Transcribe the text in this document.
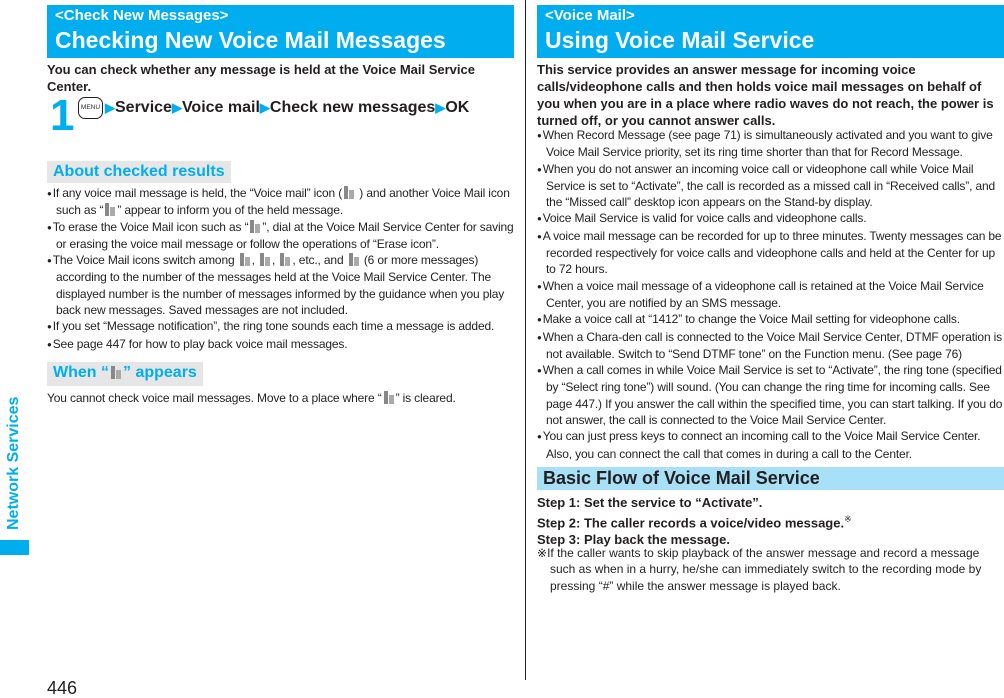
<Check New Messages>
Checking New Voice Mail Messages
You can check whether any message is held at the Voice Mail Service Center.
1 MENU ▶Service▶Voice mail▶Check new messages▶OK
About checked results
●If any voice mail message is held, the “Voice mail” icon ( ) and another Voice Mail icon such as “ ” appear to inform you of the held message.
●To erase the Voice Mail icon such as “ ”, dial at the Voice Mail Service Center for saving or erasing the voice mail message or follow the operations of “Erase icon”.
●The Voice Mail icons switch among , , , etc., and  (6 or more messages) according to the number of the messages held at the Voice Mail Service Center. The displayed number is the number of messages informed by the guidance when you play back new messages. Saved messages are not included.
●If you set “Message notification”, the ring tone sounds each time a message is added.
●See page 447 for how to play back voice mail messages.
When “ ” appears
You cannot check voice mail messages. Move to a place where “ ” is cleared.
<Voice Mail>
Using Voice Mail Service
This service provides an answer message for incoming voice calls/videophone calls and then holds voice mail messages on behalf of you when you are in a place where radio waves do not reach, the power is turned off, or you cannot answer calls.
●When Record Message (see page 71) is simultaneously activated and you want to give Voice Mail Service priority, set its ring time shorter than that for Record Message.
●When you do not answer an incoming voice call or videophone call while Voice Mail Service is set to “Activate”, the call is recorded as a missed call in “Received calls”, and the “Missed call” desktop icon appears on the Stand-by display.
●Voice Mail Service is valid for voice calls and videophone calls.
●A voice mail message can be recorded for up to three minutes. Twenty messages can be recorded respectively for voice calls and videophone calls and held at the Center for up to 72 hours.
●When a voice mail message of a videophone call is retained at the Voice Mail Service Center, you are notified by an SMS message.
●Make a voice call at “1412” to change the Voice Mail setting for videophone calls.
●When a Chara-den call is connected to the Voice Mail Service Center, DTMF operation is not available. Switch to “Send DTMF tone” on the Function menu. (See page 76)
●When a call comes in while Voice Mail Service is set to “Activate”, the ring tone (specified by “Select ring tone”) will sound. (You can change the ring time for incoming calls. See page 447.) If you answer the call within the specified time, you can start talking. If you do not answer, the call is connected to the Voice Mail Service Center.
●You can just press keys to connect an incoming call to the Voice Mail Service Center. Also, you can connect the call that comes in during a call to the Center.
Basic Flow of Voice Mail Service
Step 1: Set the service to “Activate”.
Step 2: The caller records a voice/video message.※
Step 3: Play back the message.
※If the caller wants to skip playback of the answer message and record a message such as when in a hurry, he/she can immediately switch to the recording mode by pressing “#” while the answer message is played back.
446
Network Services
